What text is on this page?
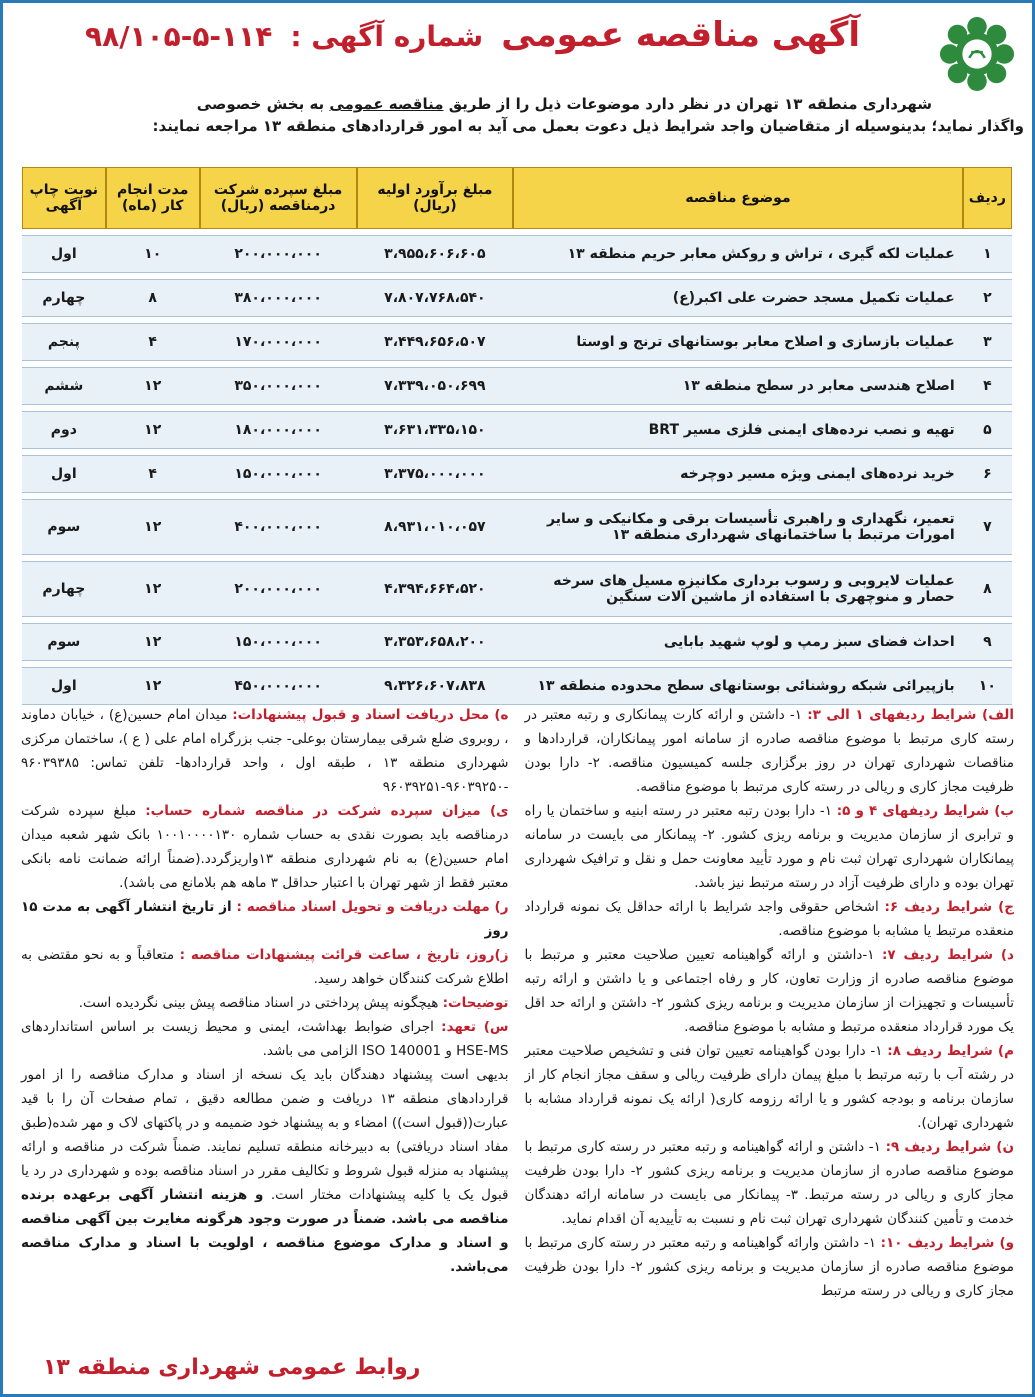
آگهی مناقصه عمومی
شماره آگهی :
۹۸/۱۰۵-۵-۱۱۴
شهرداری منطقه ۱۳ تهران در نظر دارد موضوعات ذیل را از طریق مناقصه عمومی به بخش خصوصی
واگذار نماید؛ بدینوسیله از متقاضیان واجد شرایط ذیل دعوت بعمل می آید به امور قراردادهای منطقه ۱۳ مراجعه نمایند:
ردیف	موضوع مناقصه	مبلغ برآورد اولیه (ریال)	مبلغ سپرده شرکت درمناقصه (ریال)	مدت انجام کار (ماه)	نوبت چاپ آگهی
۱	عملیات لکه گیری ، تراش و روکش معابر حریم منطقه ۱۳	۳،۹۵۵،۶۰۶،۶۰۵	۲۰۰،۰۰۰،۰۰۰	۱۰	اول
۲	عملیات تکمیل مسجد حضرت علی اکبر(ع)	۷،۸۰۷،۷۶۸،۵۴۰	۳۸۰،۰۰۰،۰۰۰	۸	چهارم
۳	عملیات بازسازی و اصلاح معابر بوستانهای ترنج و اوستا	۳،۴۴۹،۶۵۶،۵۰۷	۱۷۰،۰۰۰،۰۰۰	۴	پنجم
۴	اصلاح هندسی معابر در سطح منطقه ۱۳	۷،۳۳۹،۰۵۰،۶۹۹	۳۵۰،۰۰۰،۰۰۰	۱۲	ششم
۵	تهیه و نصب نرده‌های ایمنی فلزی مسیر BRT	۳،۶۳۱،۳۳۵،۱۵۰	۱۸۰،۰۰۰،۰۰۰	۱۲	دوم
۶	خرید نرده‌های ایمنی ویژه مسیر دوچرخه	۳،۳۷۵،۰۰۰،۰۰۰	۱۵۰،۰۰۰،۰۰۰	۴	اول
۷	تعمیر، نگهداری و راهبری تأسیسات برقی و مکانیکی و سایر امورات مرتبط با ساختمانهای شهرداری منطقه ۱۳	۸،۹۳۱،۰۱۰،۰۵۷	۴۰۰،۰۰۰،۰۰۰	۱۲	سوم
۸	عملیات لایروبی و رسوب برداری مکانیزه مسیل های سرخه حصار و منوچهری با استفاده از ماشین آلات سنگین	۴،۳۹۴،۶۶۴،۵۲۰	۲۰۰،۰۰۰،۰۰۰	۱۲	چهارم
۹	احداث فضای سبز رمپ و لوپ شهید بابایی	۳،۳۵۳،۶۵۸،۲۰۰	۱۵۰،۰۰۰،۰۰۰	۱۲	سوم
۱۰	بازپیرائی شبکه روشنائی بوستانهای سطح محدوده منطقه ۱۳	۹،۳۲۶،۶۰۷،۸۳۸	۴۵۰،۰۰۰،۰۰۰	۱۲	اول

الف) شرایط ردیفهای ۱ الی ۳: ۱- داشتن و ارائه کارت پیمانکاری و رتبه معتبر در رسته کاری مرتبط با موضوع مناقصه صادره از سامانه امور پیمانکاران، قراردادها و مناقصات شهرداری تهران در روز برگزاری جلسه کمیسیون مناقصه. ۲- دارا بودن ظرفیت مجاز کاری و ریالی در رسته کاری مرتبط با موضوع مناقصه.

ب) شرایط ردیفهای ۴ و ۵: ۱- دارا بودن رتبه معتبر در رسته ابنیه و ساختمان یا راه و ترابری از سازمان مدیریت و برنامه ریزی کشور. ۲- پیمانکار می بایست در سامانه پیمانکاران شهرداری تهران ثبت نام و مورد تأیید معاونت حمل و نقل و ترافیک شهرداری تهران بوده و دارای ظرفیت آزاد در رسته مرتبط نیز باشد.

ج) شرایط ردیف ۶: اشخاص حقوقی واجد شرایط با ارائه حداقل یک نمونه قرارداد منعقده مرتبط یا مشابه با موضوع مناقصه.

د) شرایط ردیف ۷: ۱-داشتن و ارائه گواهینامه تعیین صلاحیت معتبر و مرتبط با موضوع مناقصه صادره از وزارت تعاون، کار و رفاه اجتماعی و یا داشتن و ارائه رتبه تأسیسات و تجهیزات از سازمان مدیریت و برنامه ریزی کشور ۲- داشتن و ارائه حد اقل یک مورد قرارداد منعقده مرتبط و مشابه با موضوع مناقصه.

م) شرایط ردیف ۸: ۱- دارا بودن گواهینامه تعیین توان فنی و تشخیص صلاحیت معتبر در رشته آب با رتبه مرتبط با مبلغ پیمان دارای ظرفیت ریالی و سقف مجاز انجام کار از سازمان برنامه و بودجه کشور و یا ارائه رزومه کاری( ارائه یک نمونه قرارداد مشابه با شهرداری تهران).

ن) شرایط ردیف ۹: ۱- داشتن و ارائه گواهینامه و رتبه معتبر در رسته کاری مرتبط با موضوع مناقصه صادره از سازمان مدیریت و برنامه ریزی کشور ۲- دارا بودن ظرفیت مجاز کاری و ریالی در رسته مرتبط. ۳- پیمانکار می بایست در سامانه ارائه دهندگان خدمت و تأمین کنندگان شهرداری تهران ثبت نام و نسبت به تأییدیه آن اقدام نماید.

و) شرایط ردیف ۱۰: ۱- داشتن وارائه گواهینامه و رتبه معتبر در رسته کاری مرتبط با موضوع مناقصه صادره از سازمان مدیریت و برنامه ریزی کشور ۲- دارا بودن ظرفیت مجاز کاری و ریالی در رسته مرتبط

ه) محل دریافت اسناد و قبول پیشنهادات: میدان امام حسین(ع) ، خیابان دماوند ، روبروی ضلع شرقی بیمارستان بوعلی- جنب بزرگراه امام علی ( ع )، ساختمان مرکزی شهرداری منطقه ۱۳ ، طبقه اول ، واحد قراردادها- تلفن تماس: ۹۶۰۳۹۳۸۵ -۹۶۰۳۹۲۵۰-۹۶۰۳۹۲۵۱

ی) میزان سپرده شرکت در مناقصه شماره حساب: مبلغ سپرده شرکت درمناقصه باید بصورت نقدی به حساب شماره ۱۰۰۱۰۰۰۰۱۳۰ بانک شهر شعبه میدان امام حسین(ع) به نام شهرداری منطقه ۱۳واریزگردد.(ضمناً ارائه ضمانت نامه بانکی معتبر فقط از شهر تهران با اعتبار حداقل ۳ ماهه هم بلامانع می باشد).

ر) مهلت دریافت و تحویل اسناد مناقصه : از تاریخ انتشار آگهی به مدت ۱۵ روز

ز)روز، تاریخ ، ساعت قرائت پیشنهادات مناقصه : متعاقباً و به نحو مقتضی به اطلاع شرکت کنندگان خواهد رسید.

توضیحات: هیچگونه پیش پرداختی در اسناد مناقصه پیش بینی نگردیده است.

س) تعهد: اجرای ضوابط بهداشت، ایمنی و محیط زیست بر اساس استانداردهای HSE-MS و ISO 140001 الزامی می باشد.

بدیهی است پیشنهاد دهندگان باید یک نسخه از اسناد و مدارک مناقصه را از امور قراردادهای منطقه ۱۳ دریافت و ضمن مطالعه دقیق ، تمام صفحات آن را با قید عبارت((قبول است)) امضاء و به پیشنهاد خود ضمیمه و در پاکتهای لاک و مهر شده(طبق مفاد اسناد دریافتی) به دبیرخانه منطقه تسلیم نمایند. ضمناً شرکت در مناقصه و ارائه پیشنهاد به منزله قبول شروط و تکالیف مقرر در اسناد مناقصه بوده و شهرداری در رد یا قبول یک یا کلیه پیشنهادات مختار است. و هزینه انتشار آگهی برعهده برنده مناقصه می باشد. ضمناً در صورت وجود هرگونه مغایرت بین آگهی مناقصه و اسناد و مدارک موضوع مناقصه ، اولویت با اسناد و مدارک مناقصه می‌باشد.

روابط عمومی شهرداری منطقه ۱۳
